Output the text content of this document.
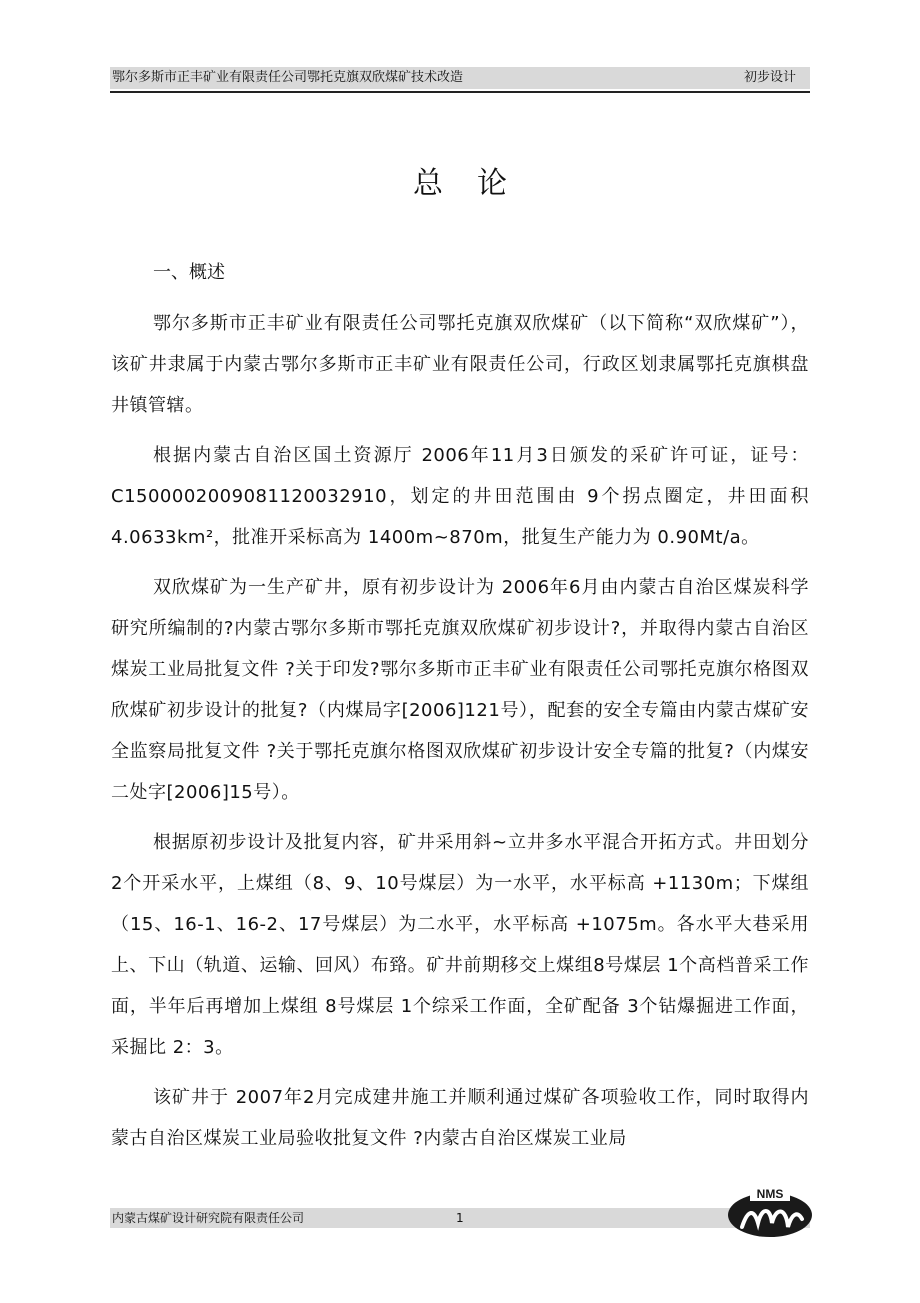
鄂尔多斯市正丰矿业有限责任公司鄂托克旗双欣煤矿技术改造	初步设计
总论
一、概述

鄂尔多斯市正丰矿业有限责任公司鄂托克旗双欣煤矿（以下简称“双欣煤矿”），该矿井隶属于内蒙古鄂尔多斯市正丰矿业有限责任公司，行政区划隶属鄂托克旗棋盘井镇管辖。

根据内蒙古自治区国土资源厅 2006年11月3日颁发的采矿许可证，证号：C1500002009081120032910，划定的井田范围由 9个拐点圈定，井田面积 4.0633km²，批准开采标高为 1400m~870m，批复生产能力为 0.90Mt/a。

双欣煤矿为一生产矿井，原有初步设计为 2006年6月由内蒙古自治区煤炭科学研究所编制的?内蒙古鄂尔多斯市鄂托克旗双欣煤矿初步设计?，并取得内蒙古自治区煤炭工业局批复文件 ?关于印发?鄂尔多斯市正丰矿业有限责任公司鄂托克旗尔格图双欣煤矿初步设计的批复?（内煤局字[2006]121号），配套的安全专篇由内蒙古煤矿安全监察局批复文件 ?关于鄂托克旗尔格图双欣煤矿初步设计安全专篇的批复?（内煤安二处字[2006]15号）。

根据原初步设计及批复内容，矿井采用斜~立井多水平混合开拓方式。井田划分 2个开采水平，上煤组（8、9、10号煤层）为一水平，水平标高 +1130m；下煤组（15、16-1、16-2、17号煤层）为二水平，水平标高 +1075m。各水平大巷采用上、下山（轨道、运输、回风）布臵。矿井前期移交上煤组8号煤层 1个高档普采工作面，半年后再增加上煤组 8号煤层 1个综采工作面，全矿配备 3个钻爆掘进工作面，采掘比 2：3。

该矿井于 2007年2月完成建井施工并顺利通过煤矿各项验收工作，同时取得内蒙古自治区煤炭工业局验收批复文件 ?内蒙古自治区煤炭工业局

内蒙古煤矿设计研究院有限责任公司	1
NMS
